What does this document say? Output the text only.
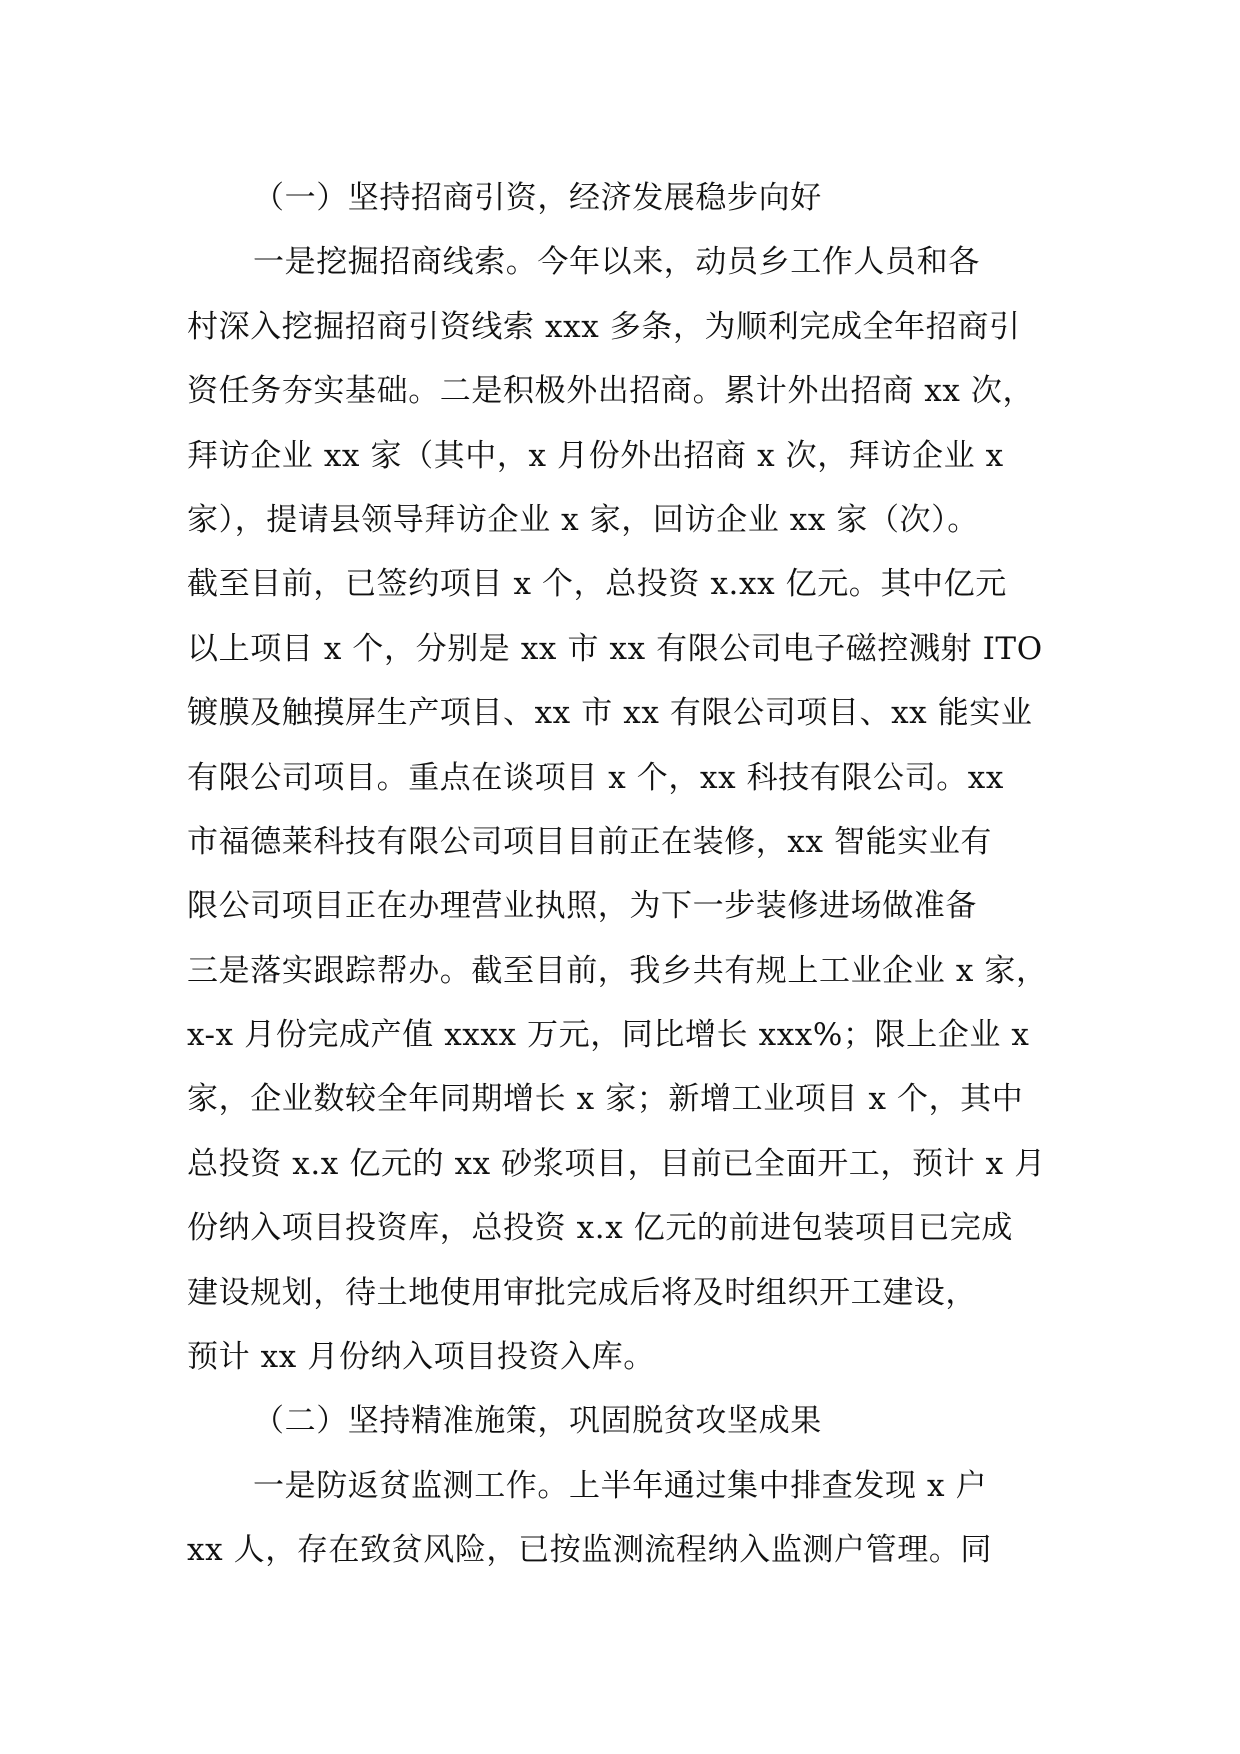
（一）坚持招商引资，经济发展稳步向好
一是挖掘招商线索。今年以来，动员乡工作人员和各
村深入挖掘招商引资线索 xxx 多条，为顺利完成全年招商引
资任务夯实基础。二是积极外出招商。累计外出招商 xx 次，
拜访企业 xx 家（其中，x 月份外出招商 x 次，拜访企业 x
家），提请县领导拜访企业 x 家，回访企业 xx 家（次）。
截至目前，已签约项目 x 个，总投资 x.xx 亿元。其中亿元
以上项目 x 个，分别是 xx 市 xx 有限公司电子磁控溅射 ITO
镀膜及触摸屏生产项目、xx 市 xx 有限公司项目、xx 能实业
有限公司项目。重点在谈项目 x 个，xx 科技有限公司。xx
市福德莱科技有限公司项目目前正在装修，xx 智能实业有
限公司项目正在办理营业执照，为下一步装修进场做准备
三是落实跟踪帮办。截至目前，我乡共有规上工业企业 x 家，
x-x 月份完成产值 xxxx 万元，同比增长 xxx%；限上企业 x
家，企业数较全年同期增长 x 家；新增工业项目 x 个，其中
总投资 x.x 亿元的 xx 砂浆项目，目前已全面开工，预计 x 月
份纳入项目投资库，总投资 x.x 亿元的前进包装项目已完成
建设规划，待土地使用审批完成后将及时组织开工建设，
预计 xx 月份纳入项目投资入库。
（二）坚持精准施策，巩固脱贫攻坚成果
一是防返贫监测工作。上半年通过集中排查发现 x 户
xx 人，存在致贫风险，已按监测流程纳入监测户管理。同
